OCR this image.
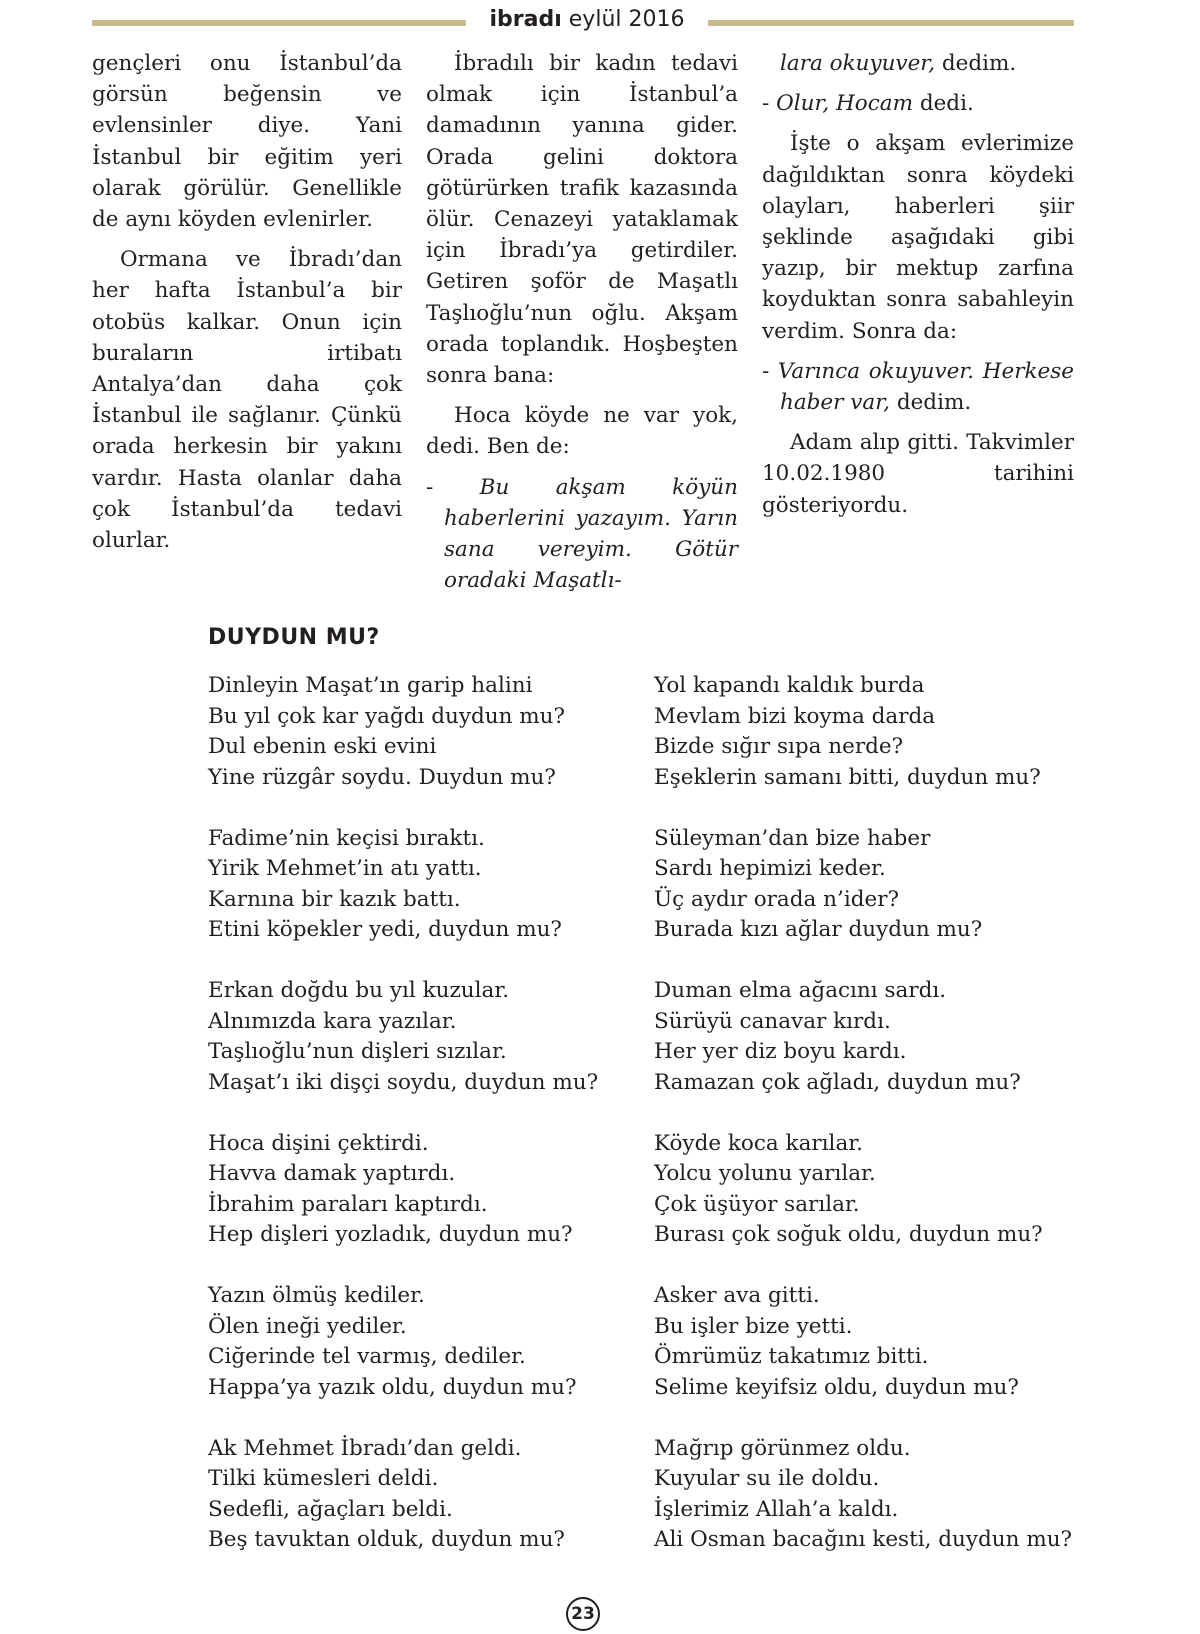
ibradı eylül 2016

gençleri onu İstanbul’da görsün beğensin ve evlensinler diye. Yani İstanbul bir eğitim yeri olarak görülür. Genellikle de aynı köyden evlenirler.

Ormana ve İbradı’dan her hafta İstanbul’a bir otobüs kalkar. Onun için buraların irtibatı Antalya’dan daha çok İstanbul ile sağlanır. Çünkü orada herkesin bir yakını vardır. Hasta olanlar daha çok İstanbul’da tedavi olurlar.

İbradılı bir kadın tedavi olmak için İstanbul’a damadının yanına gider. Orada gelini doktora götürürken trafik kazasında ölür. Cenazeyi yataklamak için İbradı’ya getirdiler. Getiren şoför de Maşatlı Taşlıoğlu’nun oğlu. Akşam orada toplandık. Hoşbeşten sonra bana:

Hoca köyde ne var yok, dedi. Ben de:

- Bu akşam köyün haberlerini yazayım. Yarın sana vereyim. Götür oradaki Maşatlı-

lara okuyuver, dedim.

- Olur, Hocam dedi.

İşte o akşam evlerimize dağıldıktan sonra köydeki olayları, haberleri şiir şeklinde aşağıdaki gibi yazıp, bir mektup zarfına koyduktan sonra sabahleyin verdim. Sonra da:

- Varınca okuyuver. Herkese haber var, dedim.

Adam alıp gitti. Takvimler 10.02.1980 tarihini gösteriyordu.

DUYDUN MU?
Dinleyin Maşat’ın garip halini
Bu yıl çok kar yağdı duydun mu?
Dul ebenin eski evini
Yine rüzgâr soydu. Duydun mu?
Fadime’nin keçisi bıraktı.
Yirik Mehmet’in atı yattı.
Karnına bir kazık battı.
Etini köpekler yedi, duydun mu?
Erkan doğdu bu yıl kuzular.
Alnımızda kara yazılar.
Taşlıoğlu’nun dişleri sızılar.
Maşat’ı iki dişçi soydu, duydun mu?
Hoca dişini çektirdi.
Havva damak yaptırdı.
İbrahim paraları kaptırdı.
Hep dişleri yozladık, duydun mu?
Yazın ölmüş kediler.
Ölen ineği yediler.
Ciğerinde tel varmış, dediler.
Happa’ya yazık oldu, duydun mu?
Ak Mehmet İbradı’dan geldi.
Tilki kümesleri deldi.
Sedefli, ağaçları beldi.
Beş tavuktan olduk, duydun mu?
Yol kapandı kaldık burda
Mevlam bizi koyma darda
Bizde sığır sıpa nerde?
Eşeklerin samanı bitti, duydun mu?
Süleyman’dan bize haber
Sardı hepimizi keder.
Üç aydır orada n’ider?
Burada kızı ağlar duydun mu?
Duman elma ağacını sardı.
Sürüyü canavar kırdı.
Her yer diz boyu kardı.
Ramazan çok ağladı, duydun mu?
Köyde koca karılar.
Yolcu yolunu yarılar.
Çok üşüyor sarılar.
Burası çok soğuk oldu, duydun mu?
Asker ava gitti.
Bu işler bize yetti.
Ömrümüz takatımız bitti.
Selime keyifsiz oldu, duydun mu?
Mağrıp görünmez oldu.
Kuyular su ile doldu.
İşlerimiz Allah’a kaldı.
Ali Osman bacağını kesti, duydun mu?
23
